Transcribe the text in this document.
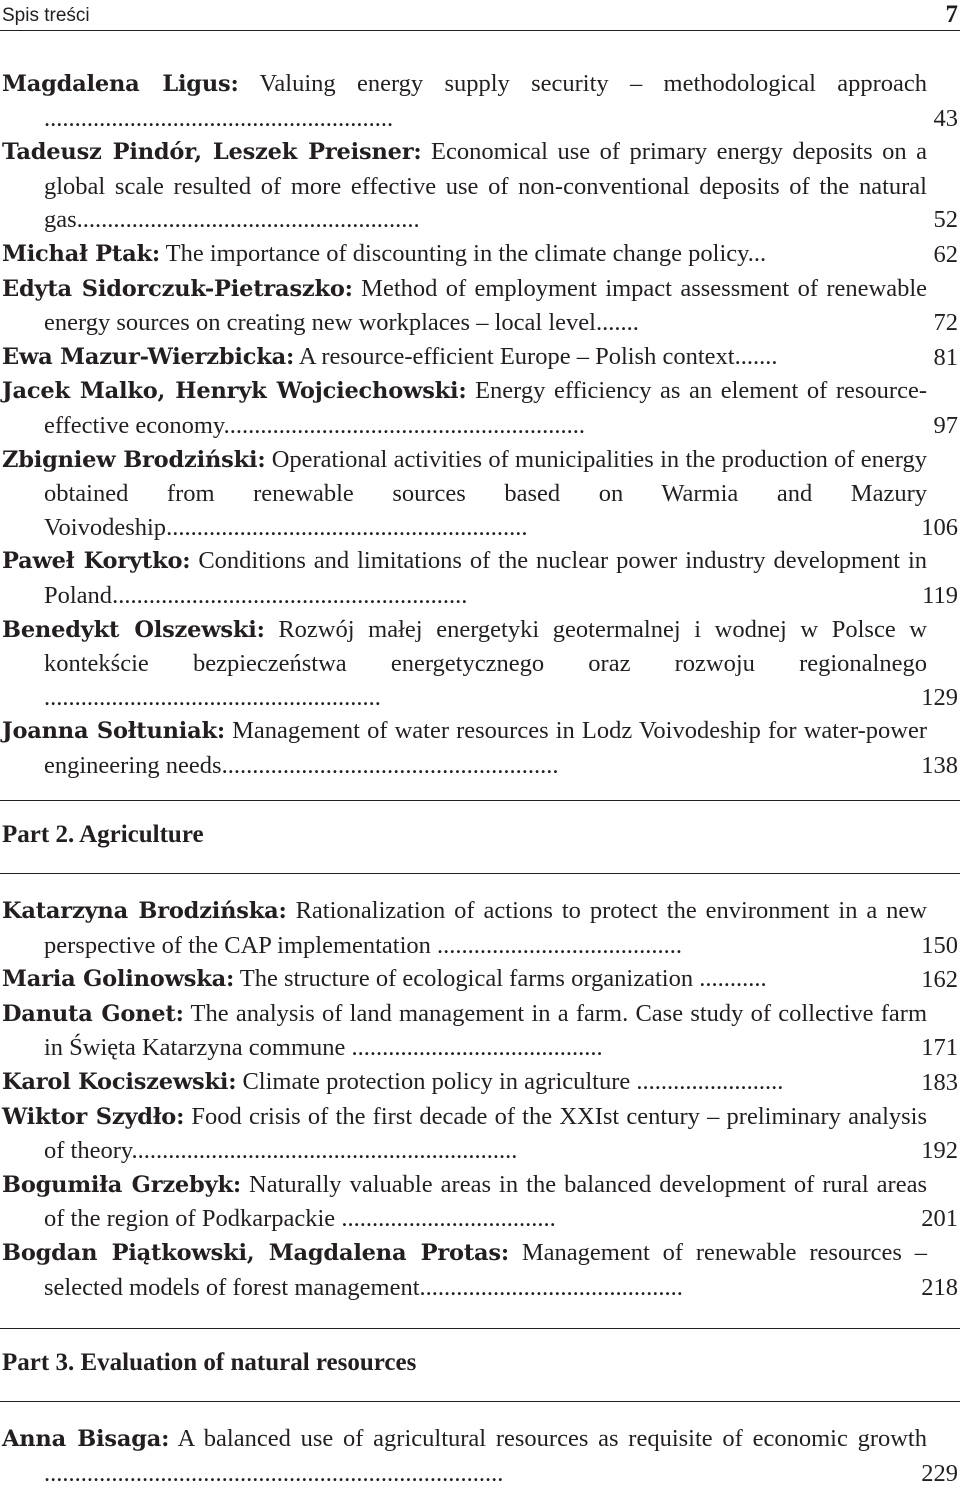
Spis treści	7
Magdalena Ligus: Valuing energy supply security – methodological approach .........................................................	43
Tadeusz Pindór, Leszek Preisner: Economical use of primary energy deposits on a global scale resulted of more effective use of non-conventional deposits of the natural gas........................................................	52
Michał Ptak: The importance of discounting in the climate change policy...	62
Edyta Sidorczuk-Pietraszko: Method of employment impact assessment of renewable energy sources on creating new workplaces – local level.......	72
Ewa Mazur-Wierzbicka: A resource-efficient Europe – Polish context.......	81
Jacek Malko, Henryk Wojciechowski: Energy efficiency as an element of resource-effective economy...........................................................	97
Zbigniew Brodziński: Operational activities of municipalities in the production of energy obtained from renewable sources based on Warmia and Mazury Voivodeship...........................................................	106
Paweł Korytko: Conditions and limitations of the nuclear power industry development in Poland..........................................................	119
Benedykt Olszewski: Rozwój małej energetyki geotermalnej i wodnej w Polsce w kontekście bezpieczeństwa energetycznego oraz rozwoju regionalnego .......................................................	129
Joanna Sołtuniak: Management of water resources in Lodz Voivodeship for water-power engineering needs.......................................................	138
Part 2. Agriculture
Katarzyna Brodzińska: Rationalization of actions to protect the environment in a new perspective of the CAP implementation ........................................	150
Maria Golinowska: The structure of ecological farms organization ...........	162
Danuta Gonet: The analysis of land management in a farm. Case study of collective farm in Święta Katarzyna commune .........................................	171
Karol Kociszewski: Climate protection policy in agriculture ........................	183
Wiktor Szydło: Food crisis of the first decade of the XXIst century – preliminary analysis of theory...............................................................	192
Bogumiła Grzebyk: Naturally valuable areas in the balanced development of rural areas of the region of Podkarpackie ...................................	201
Bogdan Piątkowski, Magdalena Protas: Management of renewable resources – selected models of forest management...........................................	218
Part 3. Evaluation of natural resources
Anna Bisaga: A balanced use of agricultural resources as requisite of economic growth ...........................................................................	229
